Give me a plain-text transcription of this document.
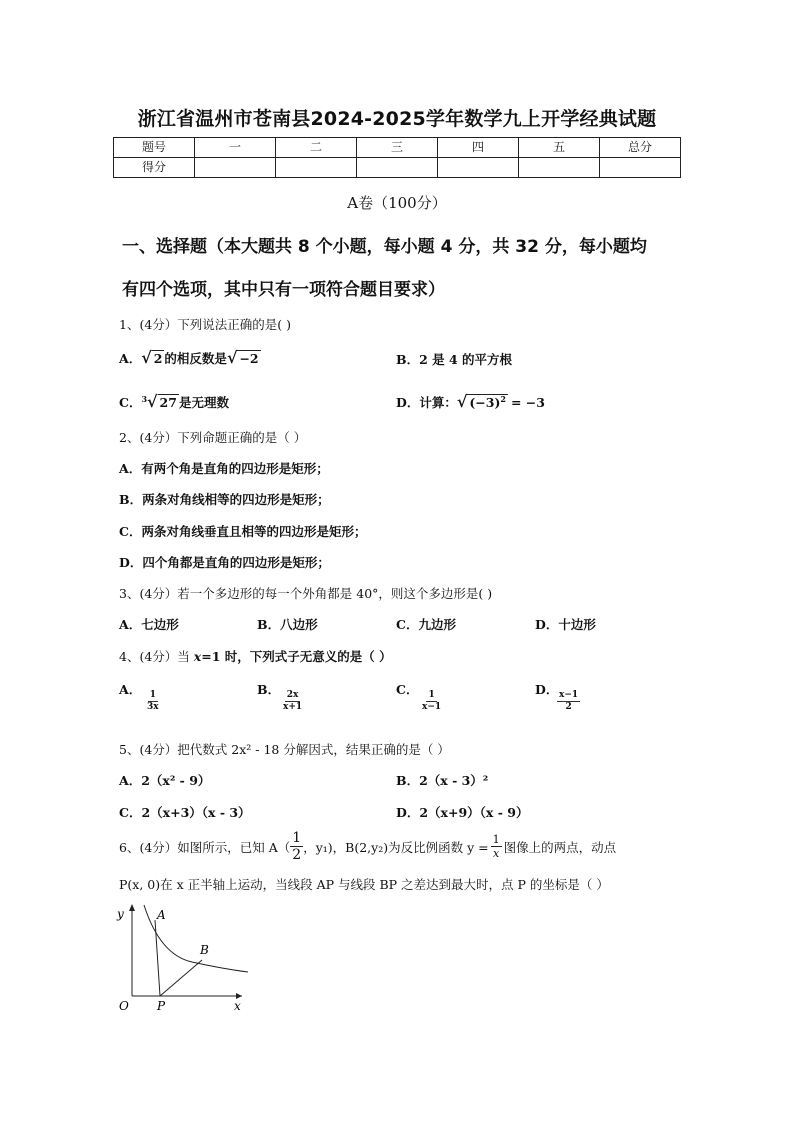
浙江省温州市苍南县2024-2025学年数学九上开学经典试题
题号	一	二	三	四	五	总分
得分						
A卷（100分）
一、选择题（本大题共 8 个小题，每小题 4 分，共 32 分，每小题均
有四个选项，其中只有一项符合题目要求）
1、(4分）下列说法正确的是( )
A．√ 2 的相反数是√ −2	B．2 是 4 的平方根
C．$^3$√ 27 是无理数	D．计算：√ $(-3)^2 = -3$
2、(4分）下列命题正确的是（ ）
A．有两个角是直角的四边形是矩形；
B．两条对角线相等的四边形是矩形；
C．两条对角线垂直且相等的四边形是矩形；
D．四个角都是直角的四边形是矩形；
3、(4分）若一个多边形的每一个外角都是 40°，则这个多边形是( )
A．七边形	B．八边形	C．九边形	D．十边形
4、(4分）当 x=1 时，下列式子无意义的是（ ）
A．
$\frac{1}{3x}$
B．
$\frac{2x}{x+1}$
C．
$\frac{1}{x-1}$
D．
$\frac{x-1}{2}$
5、(4分）把代数式 2x² - 18 分解因式，结果正确的是（ ）
A．2（x² - 9）	B．2（x - 3）²
C．2（x+3）（x - 3）	D．2（x+9）（x - 9）
6、(4分）如图所示，已知 $A( \frac{1}{2}$ ，y₁)，B(2,y₂)为反比例函数 $y = \frac{1}{x}$ 图像上的两点，动点
P(x, 0)在 x 正半轴上运动，当线段 AP 与线段 BP 之差达到最大时，点 P 的坐标是（ ）
y
x
O
A
B
P
